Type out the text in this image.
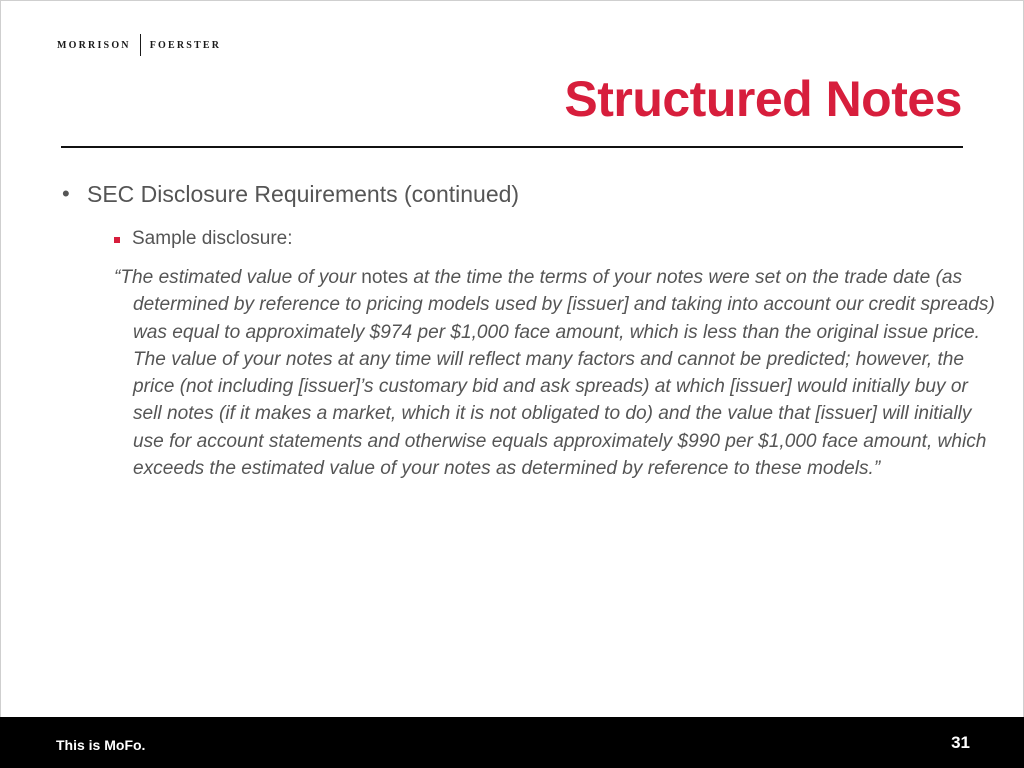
MORRISON FOERSTER
Structured Notes
• SEC Disclosure Requirements (continued)
Sample disclosure:

“The estimated value of your notes at the time the terms of your notes were set on the trade date (as determined by reference to pricing models used by [issuer] and taking into account our credit spreads) was equal to approximately $974 per $1,000 face amount, which is less than the original issue price. The value of your notes at any time will reflect many factors and cannot be predicted; however, the price (not including [issuer]’s customary bid and ask spreads) at which [issuer] would initially buy or sell notes (if it makes a market, which it is not obligated to do) and the value that [issuer] will initially use for account statements and otherwise equals approximately $990 per $1,000 face amount, which exceeds the estimated value of your notes as determined by reference to these models.”

This is MoFo.	31
